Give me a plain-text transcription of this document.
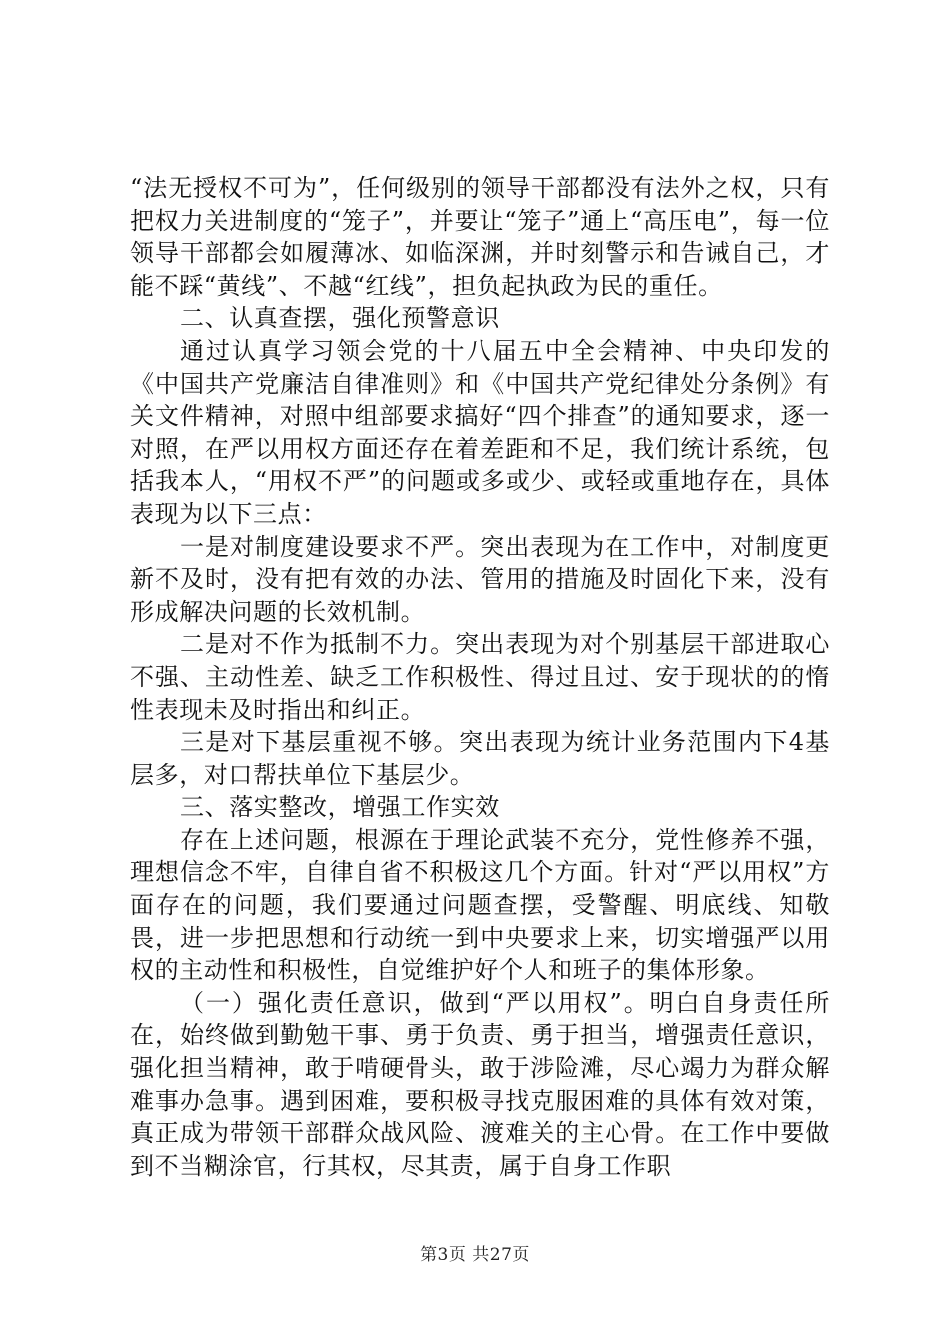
“法无授权不可为”，任何级别的领导干部都没有法外之权，只有把权力关进制度的“笼子”，并要让“笼子”通上“高压电”，每一位领导干部都会如履薄冰、如临深渊，并时刻警示和告诫自己，才能不踩“黄线”、不越“红线”，担负起执政为民的重任。

二、认真查摆，强化预警意识

通过认真学习领会党的十八届五中全会精神、中央印发的《中国共产党廉洁自律准则》和《中国共产党纪律处分条例》有关文件精神，对照中组部要求搞好“四个排查”的通知要求，逐一对照，在严以用权方面还存在着差距和不足，我们统计系统，包括我本人，“用权不严”的问题或多或少、或轻或重地存在，具体表现为以下三点：

一是对制度建设要求不严。突出表现为在工作中，对制度更新不及时，没有把有效的办法、管用的措施及时固化下来，没有形成解决问题的长效机制。

二是对不作为抵制不力。突出表现为对个别基层干部进取心不强、主动性差、缺乏工作积极性、得过且过、安于现状的的惰性表现未及时指出和纠正。

三是对下基层重视不够。突出表现为统计业务范围内下4基层多，对口帮扶单位下基层少。

三、落实整改，增强工作实效

存在上述问题，根源在于理论武装不充分，党性修养不强，理想信念不牢，自律自省不积极这几个方面。针对“严以用权”方面存在的问题，我们要通过问题查摆，受警醒、明底线、知敬畏，进一步把思想和行动统一到中央要求上来，切实增强严以用权的主动性和积极性，自觉维护好个人和班子的集体形象。

（一）强化责任意识，做到“严以用权”。明白自身责任所在，始终做到勤勉干事、勇于负责、勇于担当，增强责任意识，强化担当精神，敢于啃硬骨头，敢于涉险滩，尽心竭力为群众解难事办急事。遇到困难，要积极寻找克服困难的具体有效对策，真正成为带领干部群众战风险、渡难关的主心骨。在工作中要做到不当糊涂官，行其权，尽其责，属于自身工作职

第3页 共27页
